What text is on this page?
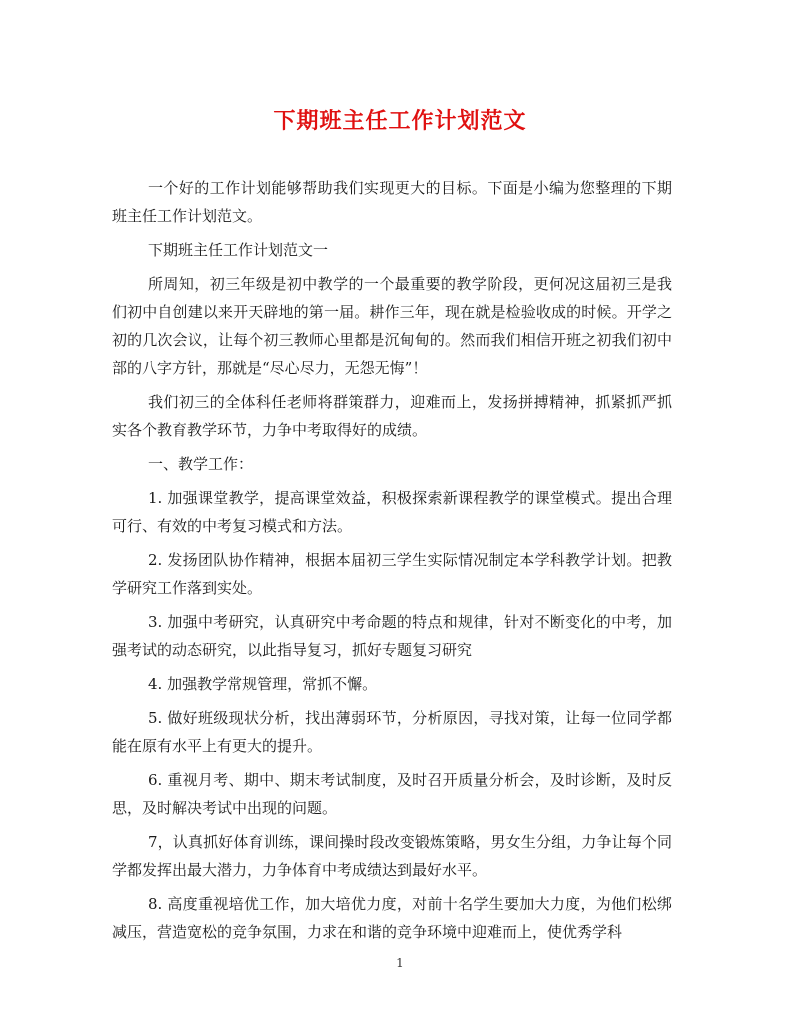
下期班主任工作计划范文

一个好的工作计划能够帮助我们实现更大的目标。下面是小编为您整理的下期班主任工作计划范文。

下期班主任工作计划范文一

所周知，初三年级是初中教学的一个最重要的教学阶段，更何况这届初三是我们初中自创建以来开天辟地的第一届。耕作三年，现在就是检验收成的时候。开学之初的几次会议，让每个初三教师心里都是沉甸甸的。然而我们相信开班之初我们初中部的八字方针，那就是“尽心尽力，无怨无悔”！

我们初三的全体科任老师将群策群力，迎难而上，发扬拼搏精神，抓紧抓严抓实各个教育教学环节，力争中考取得好的成绩。

一、教学工作：

1. 加强课堂教学，提高课堂效益，积极探索新课程教学的课堂模式。提出合理可行、有效的中考复习模式和方法。

2. 发扬团队协作精神，根据本届初三学生实际情况制定本学科教学计划。把教学研究工作落到实处。

3. 加强中考研究，认真研究中考命题的特点和规律，针对不断变化的中考，加强考试的动态研究，以此指导复习，抓好专题复习研究

4. 加强教学常规管理，常抓不懈。

5. 做好班级现状分析，找出薄弱环节，分析原因，寻找对策，让每一位同学都能在原有水平上有更大的提升。

6. 重视月考、期中、期末考试制度，及时召开质量分析会，及时诊断，及时反思，及时解决考试中出现的问题。

7，认真抓好体育训练，课间操时段改变锻炼策略，男女生分组，力争让每个同学都发挥出最大潜力，力争体育中考成绩达到最好水平。

8. 高度重视培优工作，加大培优力度，对前十名学生要加大力度，为他们松绑减压，营造宽松的竞争氛围，力求在和谐的竞争环境中迎难而上，使优秀学科

1
